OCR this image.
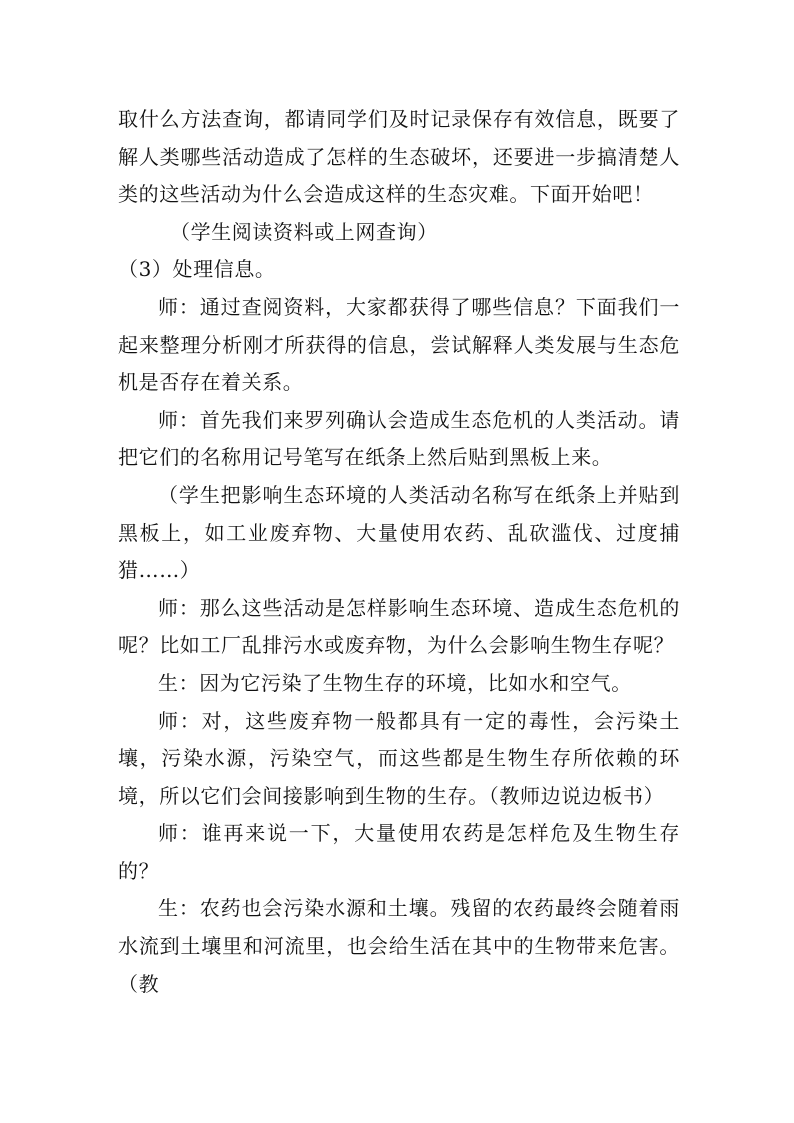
取什么方法查询，都请同学们及时记录保存有效信息，既要了解人类哪些活动造成了怎样的生态破坏，还要进一步搞清楚人类的这些活动为什么会造成这样的生态灾难。下面开始吧！

（学生阅读资料或上网查询）

（3）处理信息。

师：通过查阅资料，大家都获得了哪些信息？下面我们一起来整理分析刚才所获得的信息，尝试解释人类发展与生态危机是否存在着关系。

师：首先我们来罗列确认会造成生态危机的人类活动。请把它们的名称用记号笔写在纸条上然后贴到黑板上来。

（学生把影响生态环境的人类活动名称写在纸条上并贴到黑板上，如工业废弃物、大量使用农药、乱砍滥伐、过度捕猎……）

师：那么这些活动是怎样影响生态环境、造成生态危机的呢？比如工厂乱排污水或废弃物，为什么会影响生物生存呢？

生：因为它污染了生物生存的环境，比如水和空气。

师：对，这些废弃物一般都具有一定的毒性，会污染土壤，污染水源，污染空气，而这些都是生物生存所依赖的环境，所以它们会间接影响到生物的生存。（教师边说边板书）

师：谁再来说一下，大量使用农药是怎样危及生物生存的？

生：农药也会污染水源和土壤。残留的农药最终会随着雨水流到土壤里和河流里，也会给生活在其中的生物带来危害。（教
